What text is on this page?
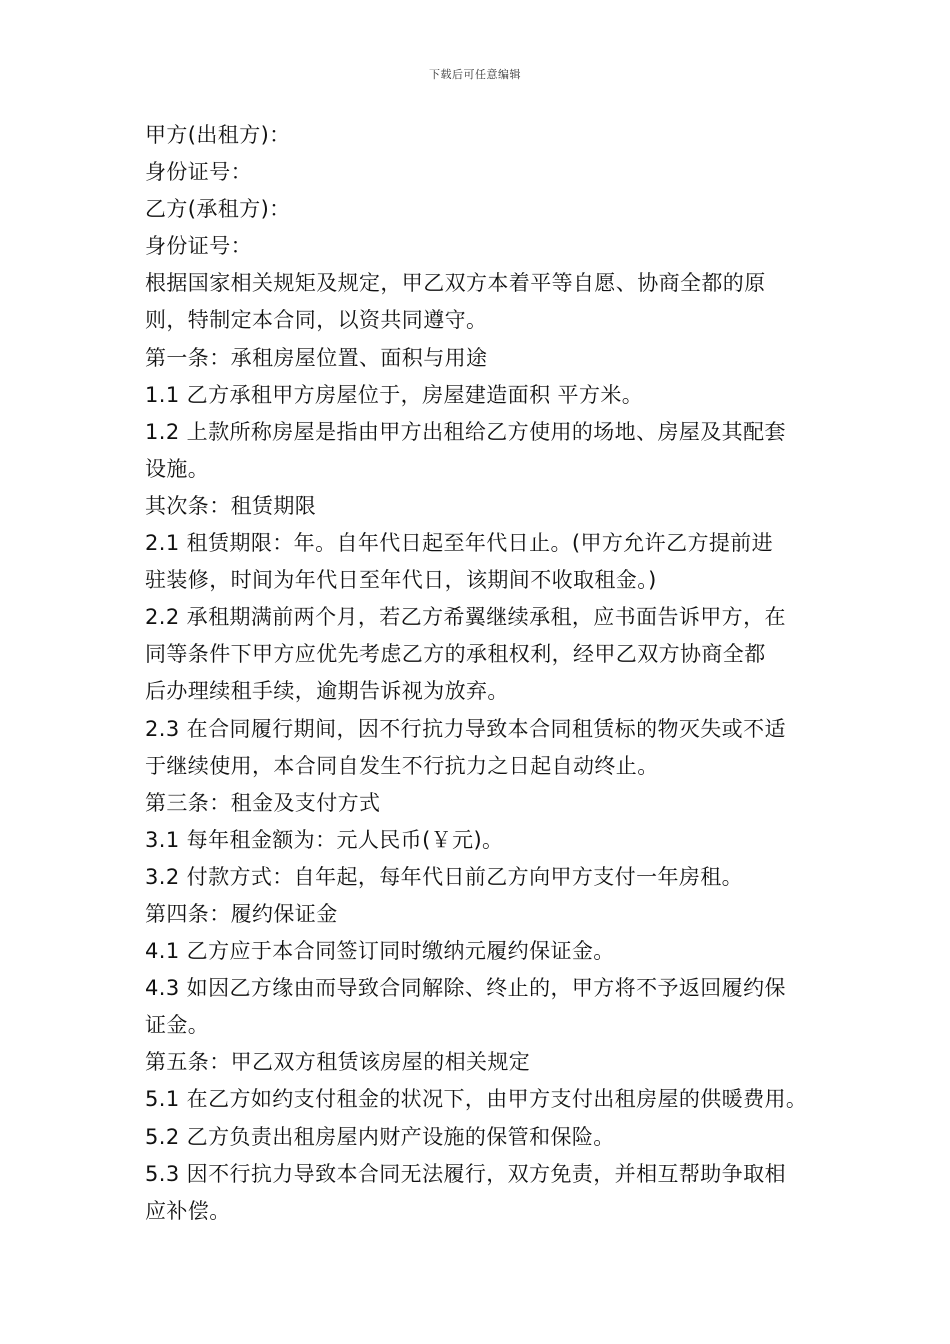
下载后可任意编辑
甲方(出租方)：
身份证号：
乙方(承租方)：
身份证号：
根据国家相关规矩及规定，甲乙双方本着平等自愿、协商全都的原
则，特制定本合同，以资共同遵守。
第一条：承租房屋位置、面积与用途
1.1 乙方承租甲方房屋位于，房屋建造面积 平方米。
1.2 上款所称房屋是指由甲方出租给乙方使用的场地、房屋及其配套
设施。
其次条：租赁期限
2.1 租赁期限：年。自年代日起至年代日止。(甲方允许乙方提前进
驻装修，时间为年代日至年代日，该期间不收取租金。)
2.2 承租期满前两个月，若乙方希翼继续承租，应书面告诉甲方，在
同等条件下甲方应优先考虑乙方的承租权利，经甲乙双方协商全都
后办理续租手续，逾期告诉视为放弃。
2.3 在合同履行期间，因不行抗力导致本合同租赁标的物灭失或不适
于继续使用，本合同自发生不行抗力之日起自动终止。
第三条：租金及支付方式
3.1 每年租金额为：元人民币(￥元)。
3.2 付款方式：自年起，每年代日前乙方向甲方支付一年房租。
第四条：履约保证金
4.1 乙方应于本合同签订同时缴纳元履约保证金。
4.3 如因乙方缘由而导致合同解除、终止的，甲方将不予返回履约保
证金。
第五条：甲乙双方租赁该房屋的相关规定
5.1 在乙方如约支付租金的状况下，由甲方支付出租房屋的供暖费用。
5.2 乙方负责出租房屋内财产设施的保管和保险。
5.3 因不行抗力导致本合同无法履行，双方免责，并相互帮助争取相
应补偿。
